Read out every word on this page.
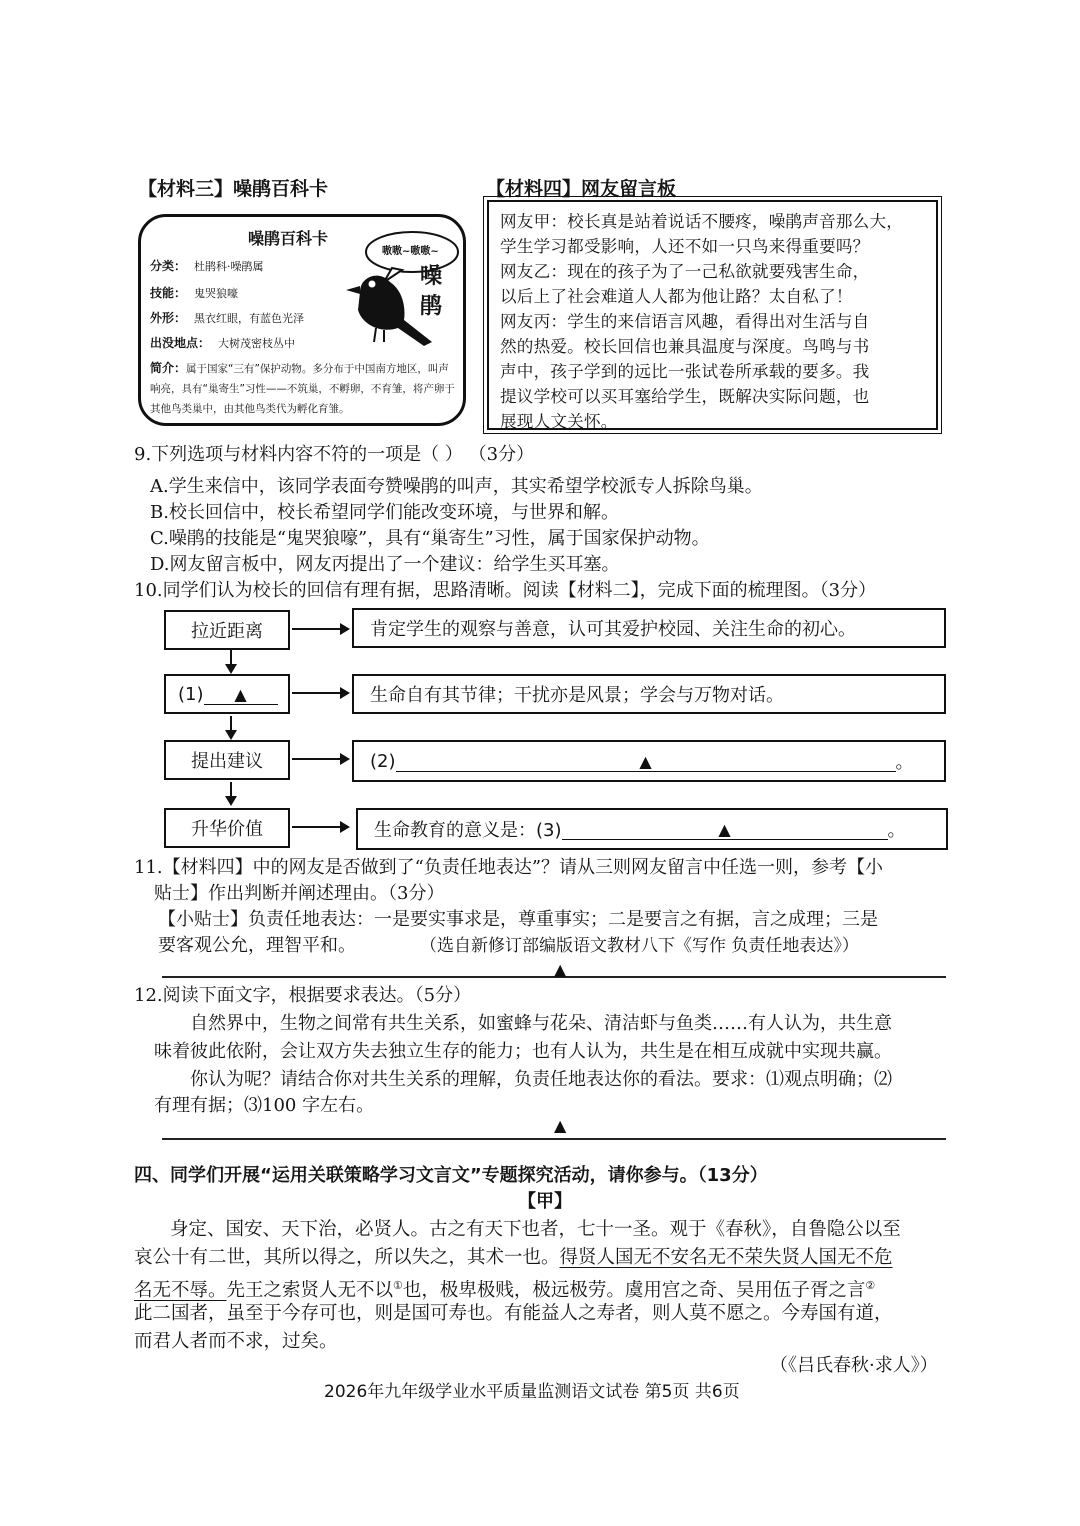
【材料三】噪鹃百科卡	【材料四】网友留言板
噪鹃百科卡
分类： 杜鹃科·噪鹃属
技能： 鬼哭狼嚎
外形： 黑衣红眼，有蓝色光泽
出没地点： 大树茂密枝丛中
简介：属于国家“三有”保护动物。多分布于中国南方地区，叫声响亮，具有“巢寄生”习性——不筑巢，不孵卵，不育雏，将产卵于其他鸟类巢中，由其他鸟类代为孵化育雏。
嗷嗷~嗷嗷~
噪鹃
网友甲：校长真是站着说话不腰疼，噪鹃声音那么大，
学生学习都受影响，人还不如一只鸟来得重要吗？
网友乙：现在的孩子为了一己私欲就要残害生命，
以后上了社会难道人人都为他让路？太自私了！
网友丙：学生的来信语言风趣，看得出对生活与自
然的热爱。校长回信也兼具温度与深度。鸟鸣与书
声中，孩子学到的远比一张试卷所承载的要多。我
提议学校可以买耳塞给学生，既解决实际问题，也
展现人文关怀。
9.下列选项与材料内容不符的一项是（ ） （3分）
A.学生来信中，该同学表面夸赞噪鹃的叫声，其实希望学校派专人拆除鸟巢。
B.校长回信中，校长希望同学们能改变环境，与世界和解。
C.噪鹃的技能是“鬼哭狼嚎”，具有“巢寄生”习性，属于国家保护动物。
D.网友留言板中，网友丙提出了一个建议：给学生买耳塞。
10.同学们认为校长的回信有理有据，思路清晰。阅读【材料二】，完成下面的梳理图。（3分）
拉近距离	肯定学生的观察与善意，认可其爱护校园、关注生命的初心。
(1)	▲	生命自有其节律；干扰亦是风景；学会与万物对话。
提出建议	(2)	▲	。
升华价值	生命教育的意义是：(3)	▲	。
11.【材料四】中的网友是否做到了“负责任地表达”？请从三则网友留言中任选一则，参考【小
贴士】作出判断并阐述理由。（3分）
【小贴士】负责任地表达：一是要实事求是，尊重事实；二是要言之有据，言之成理；三是
要客观公允，理智平和。	（选自新修订部编版语文教材八下《写作 负责任地表达》）
▲
12.阅读下面文字，根据要求表达。（5分）
自然界中，生物之间常有共生关系，如蜜蜂与花朵、清洁虾与鱼类……有人认为，共生意
味着彼此依附，会让双方失去独立生存的能力；也有人认为，共生是在相互成就中实现共赢。
你认为呢？请结合你对共生关系的理解，负责任地表达你的看法。要求：⑴观点明确；⑵
有理有据；⑶100 字左右。
▲
四、同学们开展“运用关联策略学习文言文”专题探究活动，请你参与。（13分）
【甲】
身定、国安、天下治，必贤人。古之有天下也者，七十一圣。观于《春秋》，自鲁隐公以至
哀公十有二世，其所以得之，所以失之，其术一也。得贤人国无不安名无不荣失贤人国无不危
名无不辱。先王之索贤人无不以①也，极卑极贱，极远极劳。虞用宫之奇、吴用伍子胥之言②
此二国者，虽至于今存可也，则是国可寿也。有能益人之寿者，则人莫不愿之。今寿国有道，
而君人者而不求，过矣。
（《吕氏春秋·求人》）
2026年九年级学业水平质量监测语文试卷 第5页 共6页
